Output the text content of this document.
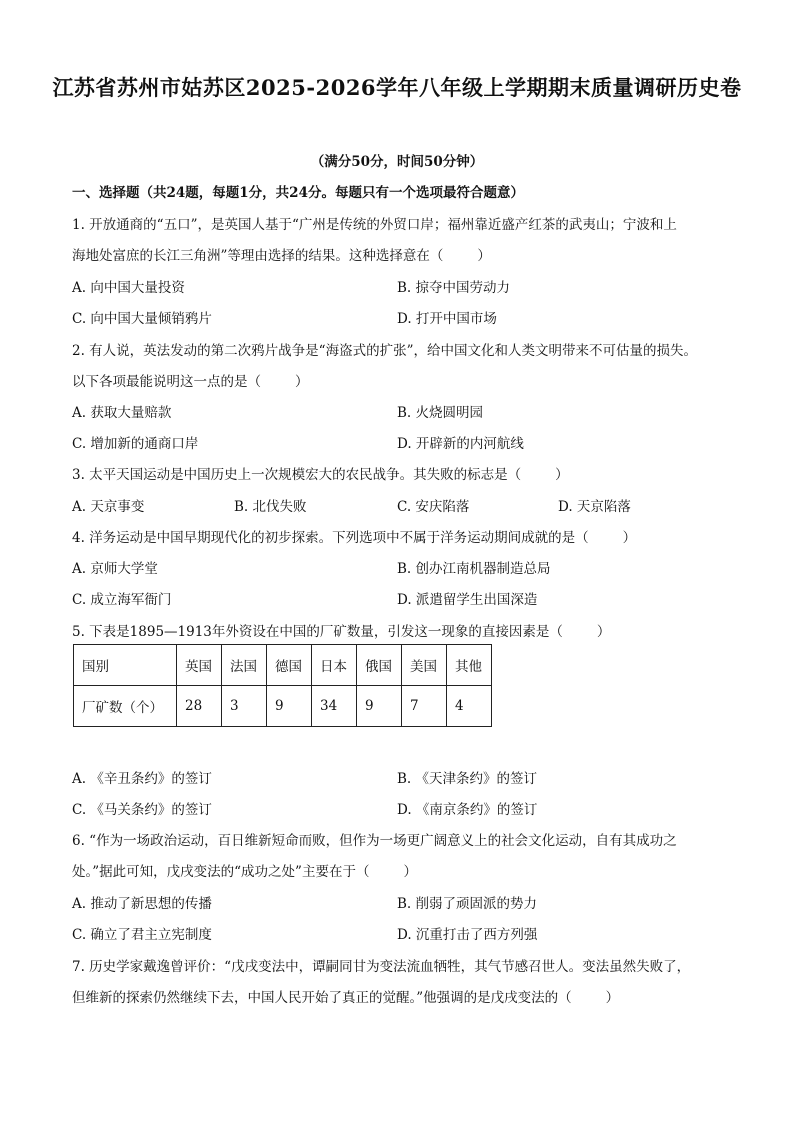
江苏省苏州市姑苏区2025-2026学年八年级上学期期末质量调研历史卷
（满分50分，时间50分钟）
一、选择题（共24题，每题1分，共24分。每题只有一个选项最符合题意）
1. 开放通商的“五口”，是英国人基于“广州是传统的外贸口岸；福州靠近盛产红茶的武夷山；宁波和上
海地处富庶的长江三角洲”等理由选择的结果。这种选择意在（	）
A. 向中国大量投资	B. 掠夺中国劳动力
C. 向中国大量倾销鸦片	D. 打开中国市场
2. 有人说，英法发动的第二次鸦片战争是“海盗式的扩张”，给中国文化和人类文明带来不可估量的损失。
以下各项最能说明这一点的是（	）
A. 获取大量赔款	B. 火烧圆明园
C. 增加新的通商口岸	D. 开辟新的内河航线
3. 太平天国运动是中国历史上一次规模宏大的农民战争。其失败的标志是（	）
A. 天京事变	B. 北伐失败	C. 安庆陷落	D. 天京陷落
4. 洋务运动是中国早期现代化的初步探索。下列选项中不属于洋务运动期间成就的是（	）
A. 京师大学堂	B. 创办江南机器制造总局
C. 成立海军衙门	D. 派遣留学生出国深造
5. 下表是1895—1913年外资设在中国的厂矿数量，引发这一现象的直接因素是（	）
国别	英国	法国	德国	日本	俄国	美国	其他
厂矿数（个）	28	3	9	34	9	7	4
A. 《辛丑条约》的签订	B. 《天津条约》的签订
C. 《马关条约》的签订	D. 《南京条约》的签订
6. “作为一场政治运动，百日维新短命而败，但作为一场更广阔意义上的社会文化运动，自有其成功之
处。”据此可知，戊戌变法的“成功之处”主要在于（	）
A. 推动了新思想的传播	B. 削弱了顽固派的势力
C. 确立了君主立宪制度	D. 沉重打击了西方列强
7. 历史学家戴逸曾评价：“戊戌变法中，谭嗣同甘为变法流血牺牲，其气节感召世人。变法虽然失败了，
但维新的探索仍然继续下去，中国人民开始了真正的觉醒。”他强调的是戊戌变法的（	）
